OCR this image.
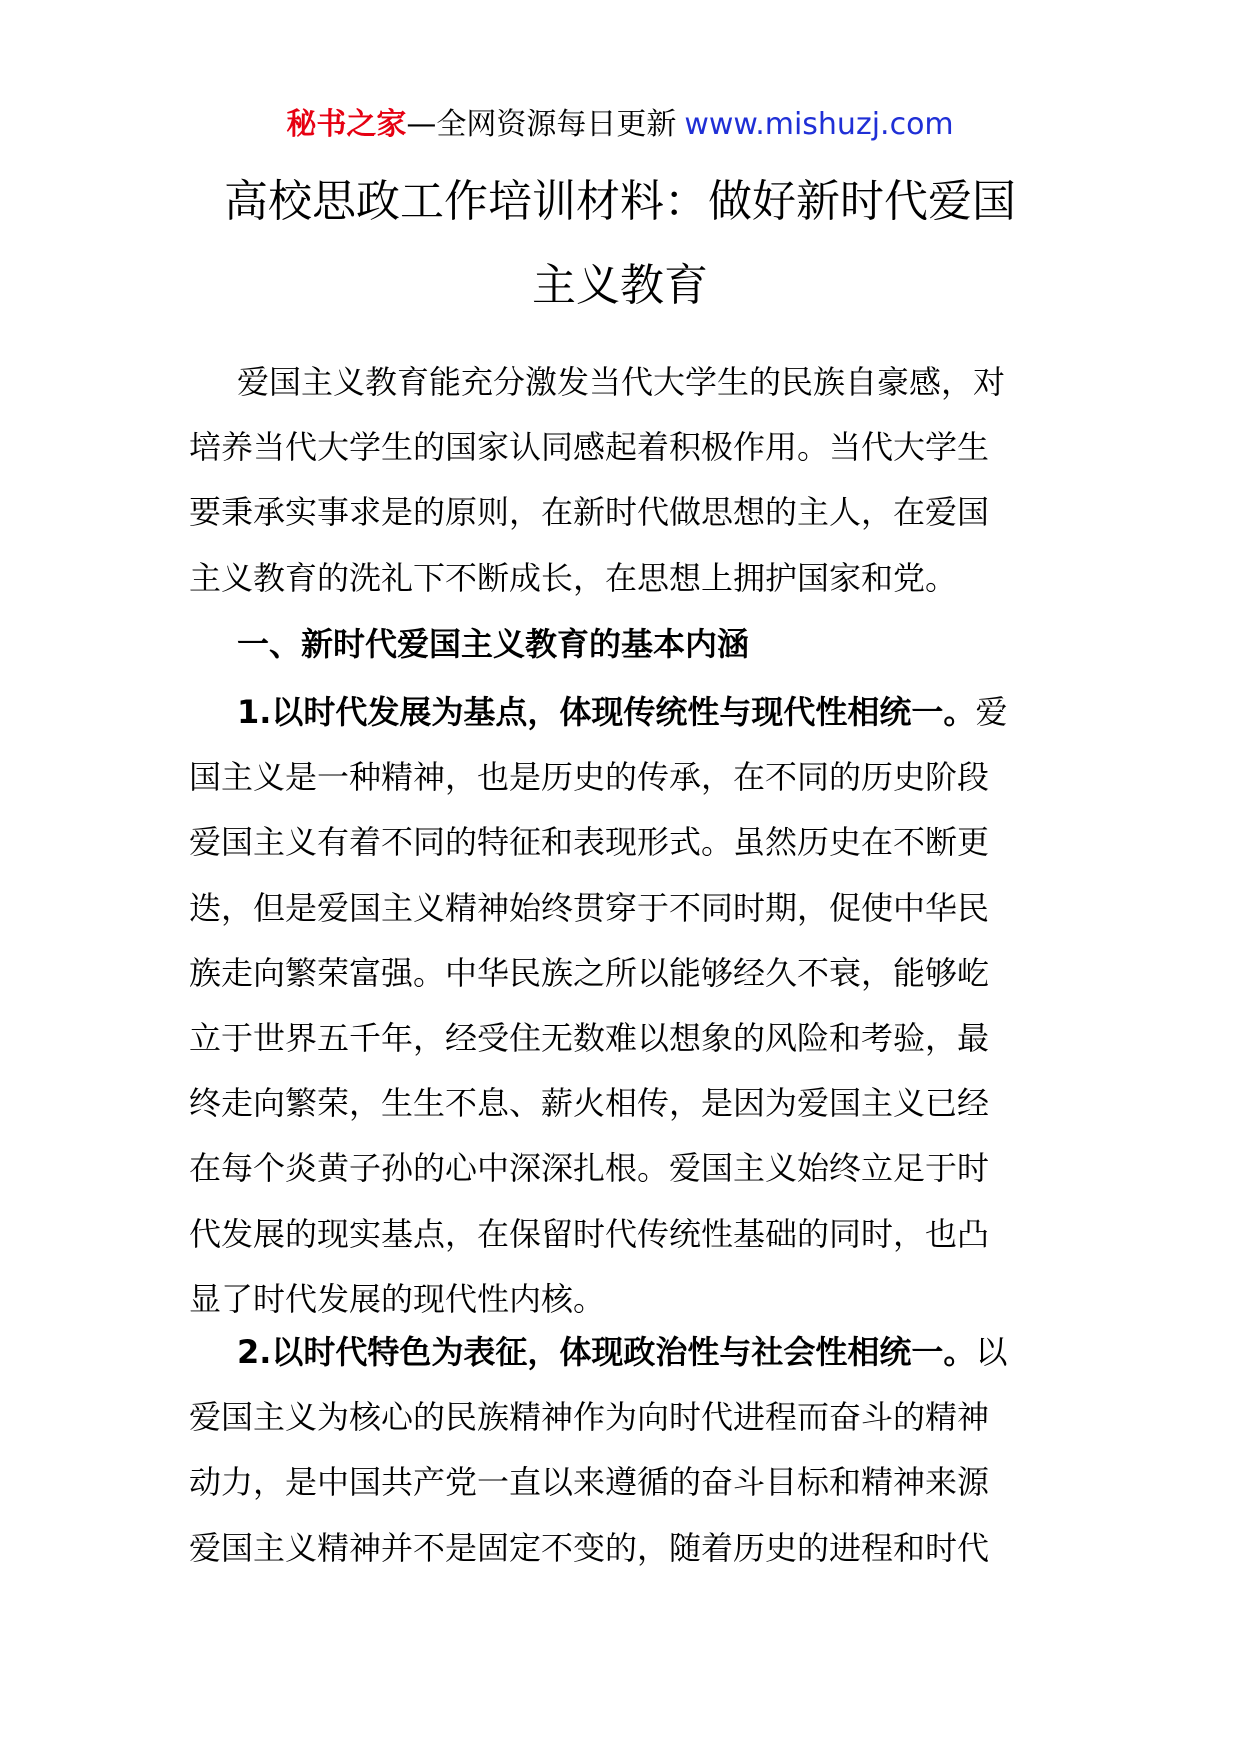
秘书之家—全网资源每日更新 www.mishuzj.com
高校思政工作培训材料：做好新时代爱国
主义教育
爱国主义教育能充分激发当代大学生的民族自豪感，对
培养当代大学生的国家认同感起着积极作用。当代大学生
要秉承实事求是的原则，在新时代做思想的主人，在爱国
主义教育的洗礼下不断成长，在思想上拥护国家和党。
一、新时代爱国主义教育的基本内涵
1.以时代发展为基点，体现传统性与现代性相统一。爱
国主义是一种精神，也是历史的传承，在不同的历史阶段
爱国主义有着不同的特征和表现形式。虽然历史在不断更
迭，但是爱国主义精神始终贯穿于不同时期，促使中华民
族走向繁荣富强。中华民族之所以能够经久不衰，能够屹
立于世界五千年，经受住无数难以想象的风险和考验，最
终走向繁荣，生生不息、薪火相传，是因为爱国主义已经
在每个炎黄子孙的心中深深扎根。爱国主义始终立足于时
代发展的现实基点，在保留时代传统性基础的同时，也凸
显了时代发展的现代性内核。
2.以时代特色为表征，体现政治性与社会性相统一。以
爱国主义为核心的民族精神作为向时代进程而奋斗的精神
动力，是中国共产党一直以来遵循的奋斗目标和精神来源
爱国主义精神并不是固定不变的，随着历史的进程和时代
